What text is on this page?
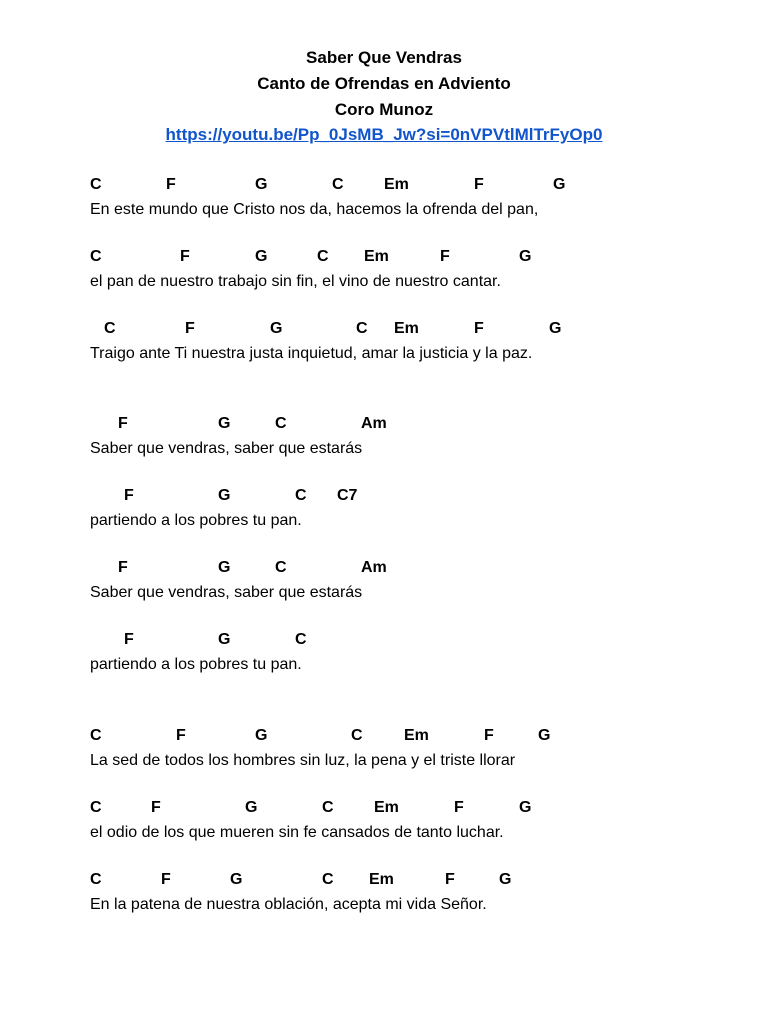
Saber Que Vendras
Canto de Ofrendas en Adviento
Coro Munoz
https://youtu.be/Pp_0JsMB_Jw?si=0nVPVtlMlTrFyOp0
C	F	G	C	Em	F	G
En este mundo que Cristo nos da, hacemos la ofrenda del pan,
C	F	G	C Em	F	G
el pan de nuestro trabajo sin fin, el vino de nuestro cantar.
C	F	G	C Em	F	G
Traigo ante Ti nuestra justa inquietud, amar la justicia y la paz.
F	G	C	Am
Saber que vendras, saber que estarás
F	G	C C7
partiendo a los pobres tu pan.
F	G	C	Am
Saber que vendras, saber que estarás
F	G	C
partiendo a los pobres tu pan.
C	F	G	C	Em	F	G
La sed de todos los hombres sin luz, la pena y el triste llorar
C	F	G	C	Em	F	G
el odio de los que mueren sin fe cansados de tanto luchar.
C	F	G	C Em	F	G
En la patena de nuestra oblación, acepta mi vida Señor.
